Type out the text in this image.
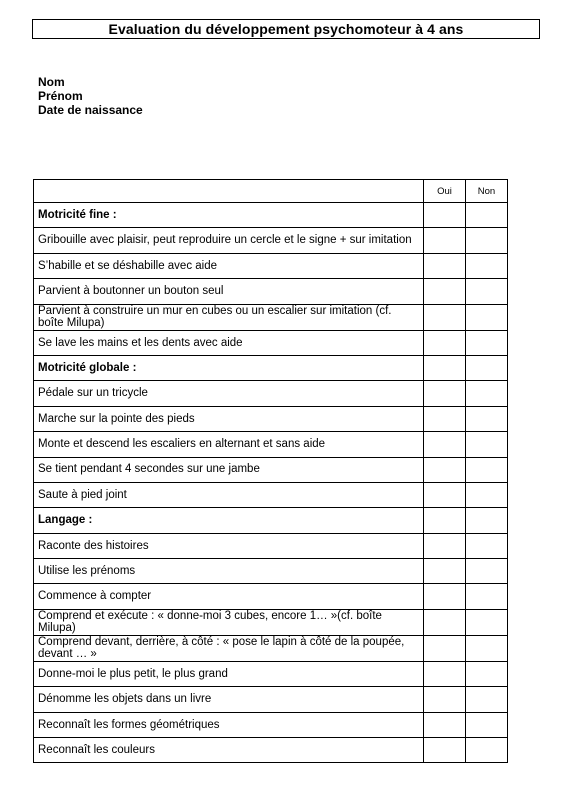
Evaluation du développement psychomoteur à 4 ans
Nom
Prénom
Date de naissance
	Oui	Non
Motricité fine :		
Gribouille avec plaisir, peut reproduire un cercle et le signe + sur imitation		
S’habille et se déshabille avec aide		
Parvient à boutonner un bouton seul		
Parvient à construire un mur en cubes ou un escalier sur imitation (cf. boîte Milupa)		
Se lave les mains et les dents avec aide		
Motricité globale :		
Pédale sur un tricycle		
Marche sur la pointe des pieds		
Monte et descend les escaliers en alternant et sans aide		
Se tient pendant 4 secondes sur une jambe		
Saute à pied joint		
Langage :		
Raconte des histoires		
Utilise les prénoms		
Commence à compter		
Comprend et exécute : « donne-moi 3 cubes, encore 1… »(cf. boîte Milupa)		
Comprend devant, derrière, à côté : « pose le lapin à côté de la poupée, devant … »		
Donne-moi le plus petit, le plus grand		
Dénomme les objets dans un livre		
Reconnaît les formes géométriques		
Reconnaît les couleurs		
